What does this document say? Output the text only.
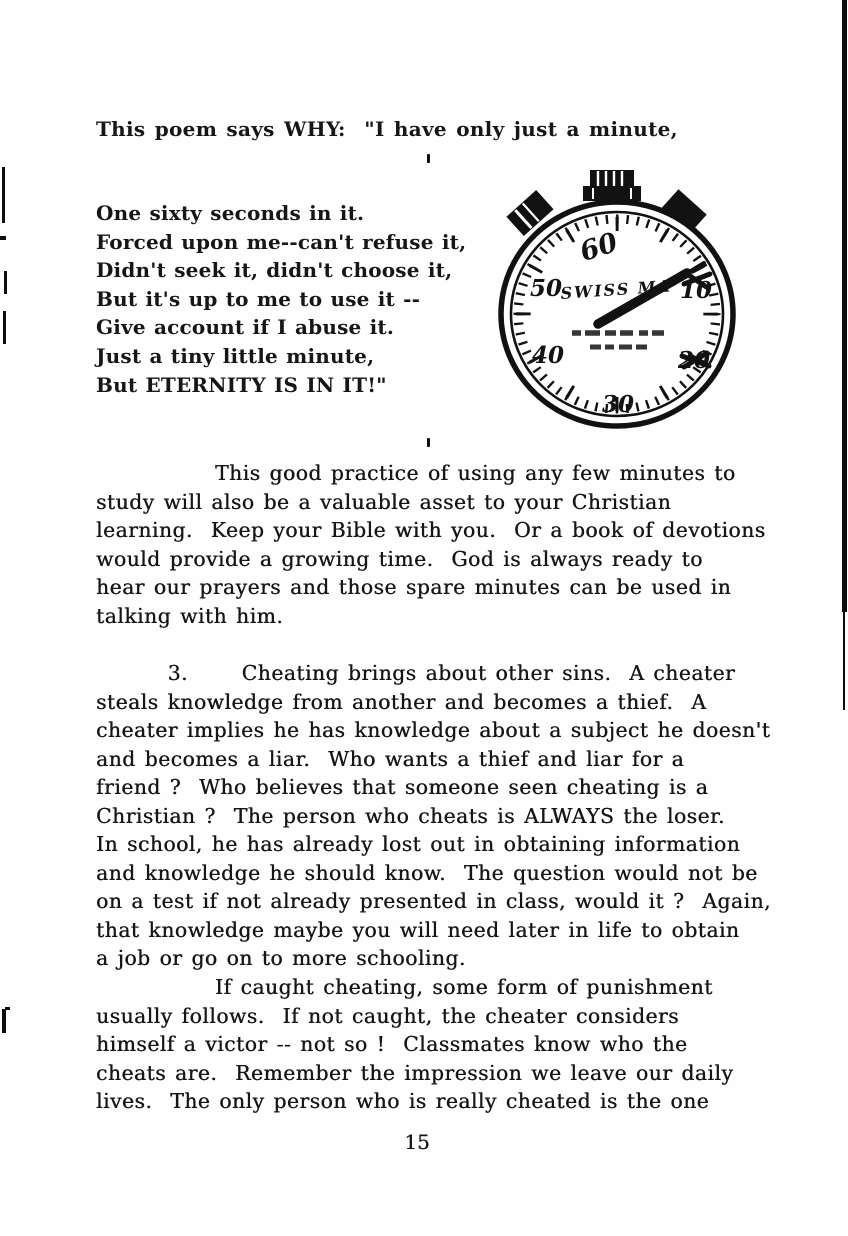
This poem says WHY:  "I have only just a minute,
One sixty seconds in it.
Forced upon me--can't refuse it,
Didn't seek it, didn't choose it,
But it's up to me to use it --
Give account if I abuse it.
Just a tiny little minute,
But ETERNITY IS IN IT!"
60
50	10
20
30
40
SWISS MA
	This good practice of using any few minutes to
study will also be a valuable asset to your Christian
learning.  Keep your Bible with you.  Or a book of devotions
would provide a growing time.  God is always ready to
hear our prayers and those spare minutes can be used in
talking with him.
3.      Cheating brings about other sins.  A cheater
steals knowledge from another and becomes a thief.  A
cheater implies he has knowledge about a subject he doesn't
and becomes a liar.  Who wants a thief and liar for a
friend ?  Who believes that someone seen cheating is a
Christian ?  The person who cheats is ALWAYS the loser.
In school, he has already lost out in obtaining information
and knowledge he should know.  The question would not be
on a test if not already presented in class, would it ?  Again,
that knowledge maybe you will need later in life to obtain
a job or go on to more schooling.
	If caught cheating, some form of punishment
usually follows.  If not caught, the cheater considers
himself a victor -- not so !  Classmates know who the
cheats are.  Remember the impression we leave our daily
lives.  The only person who is really cheated is the one
15
